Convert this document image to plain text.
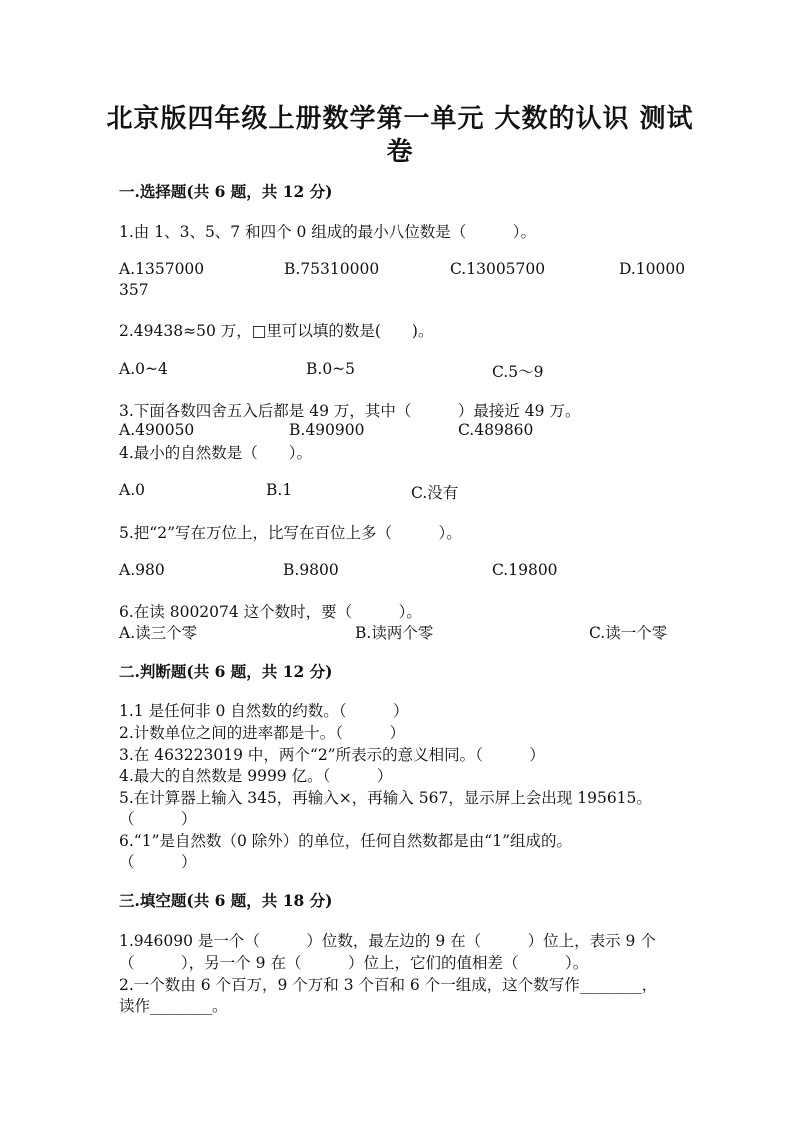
北京版四年级上册数学第一单元 大数的认识 测试
卷
一.选择题(共 6 题，共 12 分)
1.由 1、3、5、7 和四个 0 组成的最小八位数是（　　　）。
A.1357000	B.75310000	C.13005700	D.10000
357
2.49438≈50 万，□里可以填的数是(　　)。
A.0~4	B.0~5	C.5～9
3.下面各数四舍五入后都是 49 万，其中（　　　）最接近 49 万。
A.490050	B.490900	C.489860
4.最小的自然数是（　　）。
A.0	B.1	C.没有
5.把“2”写在万位上，比写在百位上多（　　　）。
A.980	B.9800	C.19800
6.在读 8002074 这个数时，要（　　　）。
A.读三个零	B.读两个零	C.读一个零
二.判断题(共 6 题，共 12 分)
1.1 是任何非 0 自然数的约数。（　　　）
2.计数单位之间的进率都是十。（　　　）
3.在 463223019 中，两个“2”所表示的意义相同。（　　　）
4.最大的自然数是 9999 亿。（　　　）
5.在计算器上输入 345，再输入×，再输入 567，显示屏上会出现 195615。
（　　　）
6.“1”是自然数（0 除外）的单位，任何自然数都是由“1”组成的。
（　　　）
三.填空题(共 6 题，共 18 分)
1.946090 是一个（　　　）位数，最左边的 9 在（　　　）位上，表示 9 个
（　　　），另一个 9 在（　　　）位上，它们的值相差（　　　）。
2.一个数由 6 个百万，9 个万和 3 个百和 6 个一组成，这个数写作________，
读作________。
